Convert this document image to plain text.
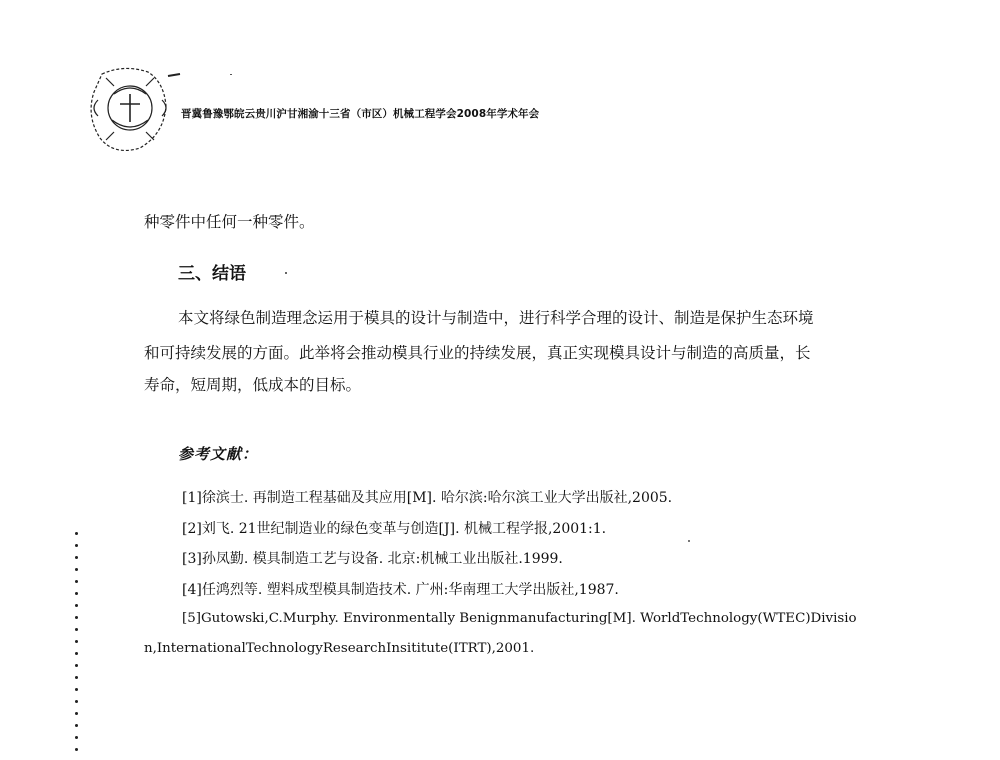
晋冀鲁豫鄂皖云贵川沪甘湘渝十三省（市区）机械工程学会2008年学术年会
种零件中任何一种零件。
三、结语
本文将绿色制造理念运用于模具的设计与制造中，进行科学合理的设计、制造是保护生态环境
和可持续发展的方面。此举将会推动模具行业的持续发展，真正实现模具设计与制造的高质量，长
寿命，短周期，低成本的目标。
参考文献：
[1]徐滨士. 再制造工程基础及其应用[M]. 哈尔滨:哈尔滨工业大学出版社,2005.
[2]刘飞. 21世纪制造业的绿色变革与创造[J]. 机械工程学报,2001:1.
[3]孙凤勤. 模具制造工艺与设备. 北京:机械工业出版社.1999.
[4]任鸿烈等. 塑料成型模具制造技术. 广州:华南理工大学出版社,1987.
[5]Gutowski,C.Murphy. Environmentally Benignmanufacturing[M]. WorldTechnology(WTEC)Divisio
n,InternationalTechnologyResearchInsititute(ITRT),2001.
